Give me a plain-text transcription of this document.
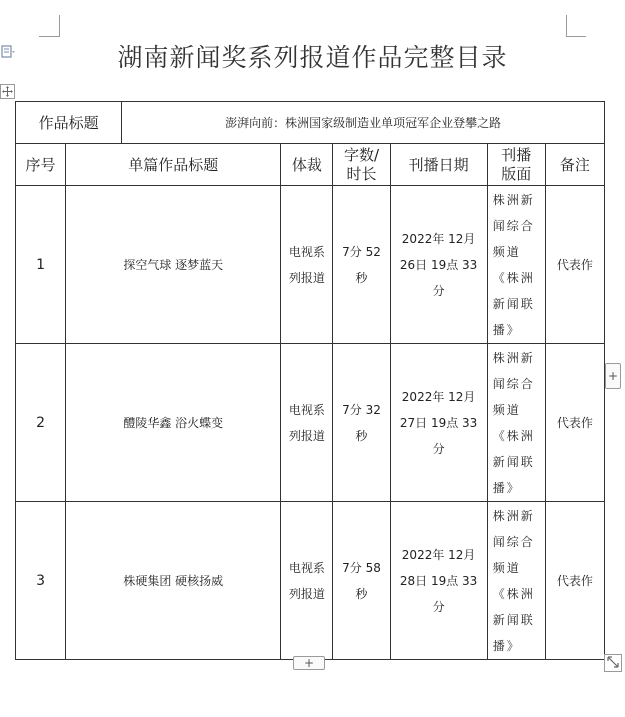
湖南新闻奖系列报道作品完整目录
作品标题		澎湃向前：株洲国家级制造业单项冠军企业登攀之路					
序号	单篇作品标题		体裁	字数/时长	刊播日期	刊播版面	备注
1	探空气球 逐梦蓝天		电视系列报道	7分 52 秒	2022年 12月 26日 19点 33 分	株洲新闻综合频道《株洲新闻联播》	代表作
2	醴陵华鑫 浴火蝶变		电视系列报道	7分 32 秒	2022年 12月 27日 19点 33 分	株洲新闻综合频道《株洲新闻联播》	代表作
3	株硬集团 硬核扬威		电视系列报道	7分 58 秒	2022年 12月 28日 19点 33 分	株洲新闻综合频道《株洲新闻联播》	代表作
+
+
